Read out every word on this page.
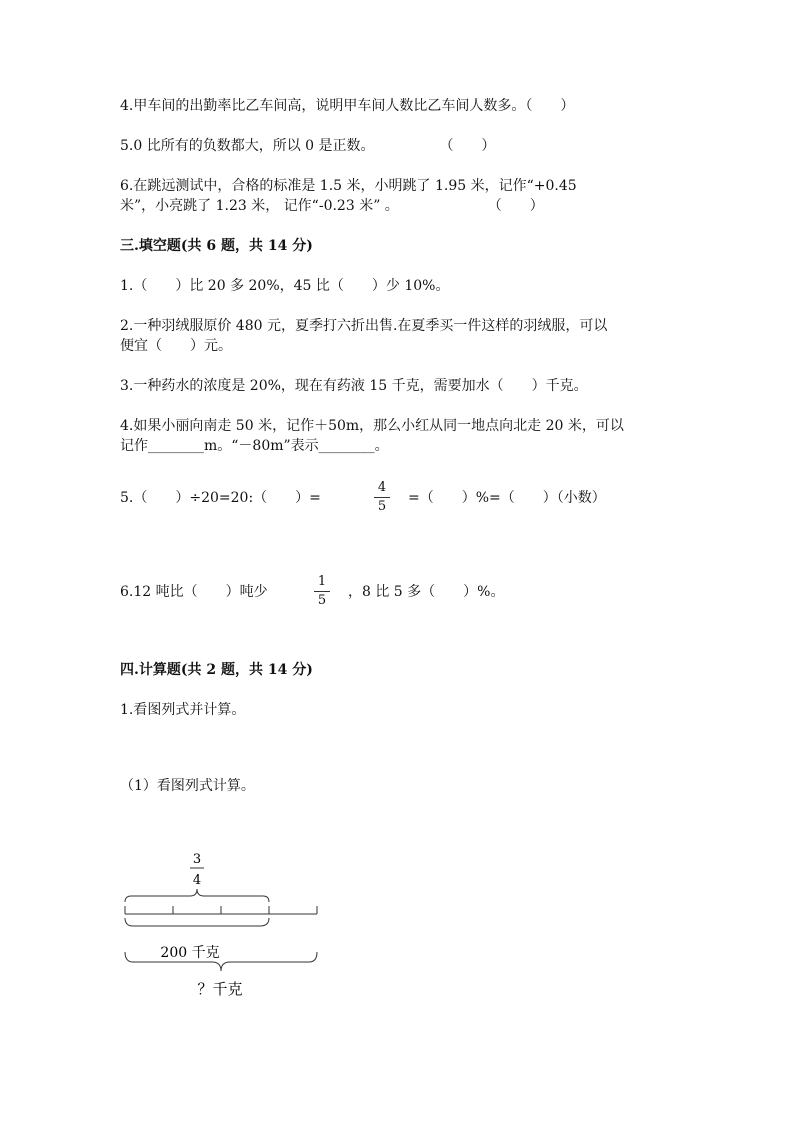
4.甲车间的出勤率比乙车间高，说明甲车间人数比乙车间人数多。（　　）
5.0 比所有的负数都大，所以 0 是正数。	（　　）
6.在跳远测试中，合格的标准是 1.5 米，小明跳了 1.95 米，记作“+0.45
米”，小亮跳了 1.23 米， 记作“-0.23 米” 。	（　　）
三.填空题(共 6 题，共 14 分)
1.（　　）比 20 多 20%，45 比（　　）少 10%。
2.一种羽绒服原价 480 元，夏季打六折出售.在夏季买一件这样的羽绒服，可以
便宜（　　）元。
3.一种药水的浓度是 20%，现在有药液 15 千克，需要加水（　　）千克。
4.如果小丽向南走 50 米，记作＋50m，那么小红从同一地点向北走 20 米，可以
记作________m。“－80m”表示________。
5.（　　）÷20=20:（　　）=
4
5
=（　　）%=（　　）（小数）
6.12 吨比（　　）吨少
1
5
，8 比 5 多（　　）%。
四.计算题(共 2 题，共 14 分)
1.看图列式并计算。
（1）看图列式计算。
3
4
200 千克
？千克
